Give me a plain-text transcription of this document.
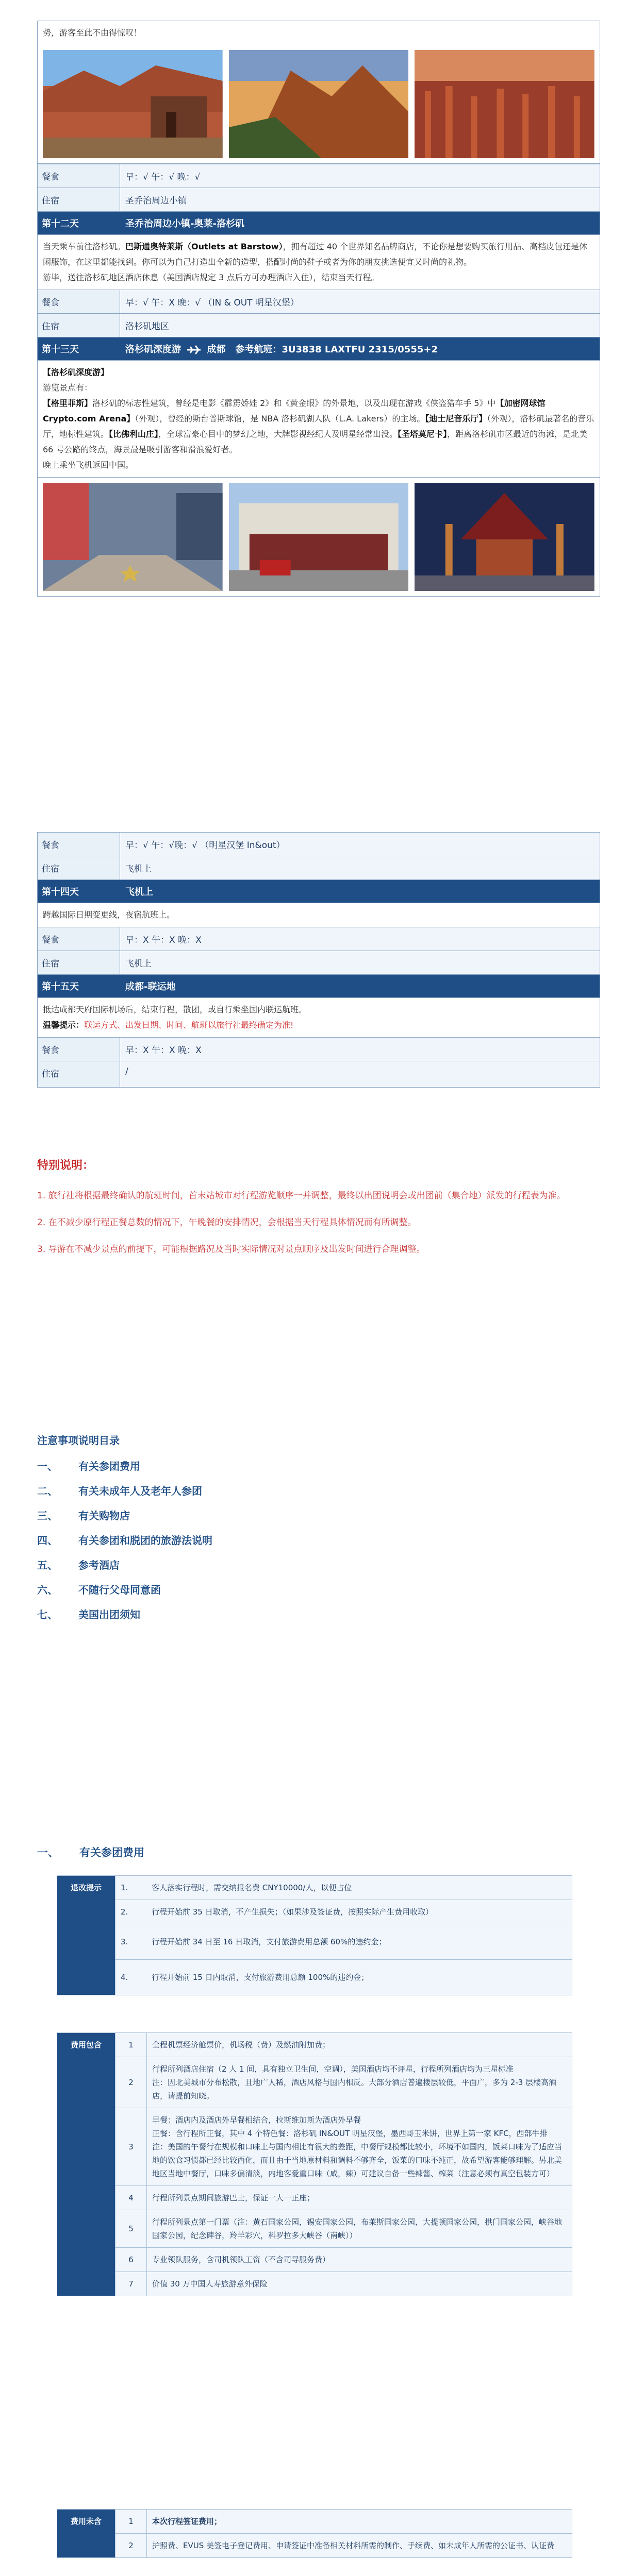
势，游客至此不由得惊叹！
餐食	早：√ 午：√ 晚：√
住宿	圣乔治周边小镇
第十二天	圣乔治周边小镇-奥莱-洛杉矶
当天乘车前往洛杉矶。巴斯通奥特莱斯（Outlets at Barstow），拥有超过 40 个世界知名品牌商店，不论你是想要购买旅行用品、高档皮包还是休闲服饰，在这里都能找到。你可以为自己打造出全新的造型，搭配时尚的鞋子或者为你的朋友挑选便宜又时尚的礼物。
游毕，送往洛杉矶地区酒店休息（美国酒店规定 3 点后方可办理酒店入住），结束当天行程。
餐食	早：√ 午：X 晚：√ （IN & OUT 明星汉堡）
住宿	洛杉矶地区
第十三天	洛杉矶深度游	成都 参考航班：3U3838 LAXTFU 2315/0555+2
【洛杉矶深度游】
游览景点有：
【格里菲斯】洛杉矶的标志性建筑，曾经是电影《霹雳娇娃 2》和《黄金眼》的外景地，以及出现在游戏《侠盗猎车手 5》中【加密网球馆 Crypto.com Arena】（外观），曾经的斯台普斯球馆，是 NBA 洛杉矶湖人队（L.A. Lakers）的主场。【迪士尼音乐厅】（外观），洛杉矶最著名的音乐厅，地标性建筑。【比佛利山庄】，全球富豪心目中的梦幻之地，大牌影视经纪人及明星经常出没。【圣塔莫尼卡】，距离洛杉矶市区最近的海滩，是北美 66 号公路的终点，海景最是吸引游客和滑浪爱好者。
晚上乘坐飞机返回中国。
餐食	早：√ 午：√晚：√ （明星汉堡 In&out）
住宿	飞机上
第十四天	飞机上
跨越国际日期变更线，夜宿航班上。
餐食	早：X 午：X 晚：X
住宿	飞机上
第十五天	成都-联运地
抵达成都天府国际机场后，结束行程，散团，或自行乘坐国内联运航班。
温馨提示：联运方式、出发日期、时间、航班以旅行社最终确定为准!
餐食	早：X 午：X 晚：X
住宿	/
特别说明：
1. 旅行社将根据最终确认的航班时间，首末站城市对行程游览顺序一并调整，最终以出团说明会或出团前（集合地）派发的行程表为准。
2. 在不减少原行程正餐总数的情况下，午晚餐的安排情况，会根据当天行程具体情况而有所调整。
3. 导游在不减少景点的前提下，可能根据路况及当时实际情况对景点顺序及出发时间进行合理调整。
注意事项说明目录
一、	有关参团费用
二、	有关未成年人及老年人参团
三、	有关购物店
四、	有关参团和脱团的旅游法说明
五、	参考酒店
六、	不随行父母同意函
七、	美国出团须知
一、 有关参团费用
退改提示	1.	客人落实行程时，需交纳报名费 CNY10000/人，以便占位
	2.	行程开始前 35 日取消，不产生损失；（如果涉及签证费，按照实际产生费用收取）
	3.	行程开始前 34 日至 16 日取消，支付旅游费用总额 60%的违约金；
	4.	行程开始前 15 日内取消，支付旅游费用总额 100%的违约金；
费用包含	1	全程机票经济舱票价，机场税（费）及燃油附加费；
	2	行程所列酒店住宿（2 人 1 间，具有独立卫生间，空调），美国酒店均不评星，行程所列酒店均为三星标准
注：因北美城市分布松散，且地广人稀，酒店风格与国内相反。大部分酒店普遍楼层较低，平面广，多为 2-3 层楼高酒店，请提前知晓。
	3	早餐：酒店内及酒店外早餐相结合，拉斯维加斯为酒店外早餐
正餐：含行程所正餐，其中 4 个特色餐：洛杉矶 IN&OUT 明星汉堡，墨西哥玉米饼，世界上第一家 KFC，西部牛排
注：美国的午餐行在规模和口味上与国内相比有很大的差距，中餐厅规模都比较小，环境不如国内，饭菜口味为了适应当地的饮食习惯都已经比较西化，而且由于当地原材料和调料不够齐全，饭菜的口味不纯正，故希望游客能够理解。另北美地区当地中餐厅，口味多偏清淡，内地客爱重口味（咸，辣）可建议自备一些辣酱、榨菜（注意必须有真空包装方可）
	4	行程所列景点期间旅游巴士，保证一人一正座；
	5	行程所列景点第一门票（注：黄石国家公园，锡安国家公园，布莱斯国家公园，大提顿国家公园，拱门国家公园，峡谷地国家公园，纪念碑谷，羚羊彩穴，科罗拉多大峡谷（南峡））
	6	专业领队服务，含司机领队工资（不含司导服务费）
	7	价值 30 万中国人寿旅游意外保险
费用未含	1	本次行程签证费用；
	2	护照费、EVUS 美签电子登记费用、申请签证中准备相关材料所需的制作、手续费、如未成年人所需的公证书、认证费
